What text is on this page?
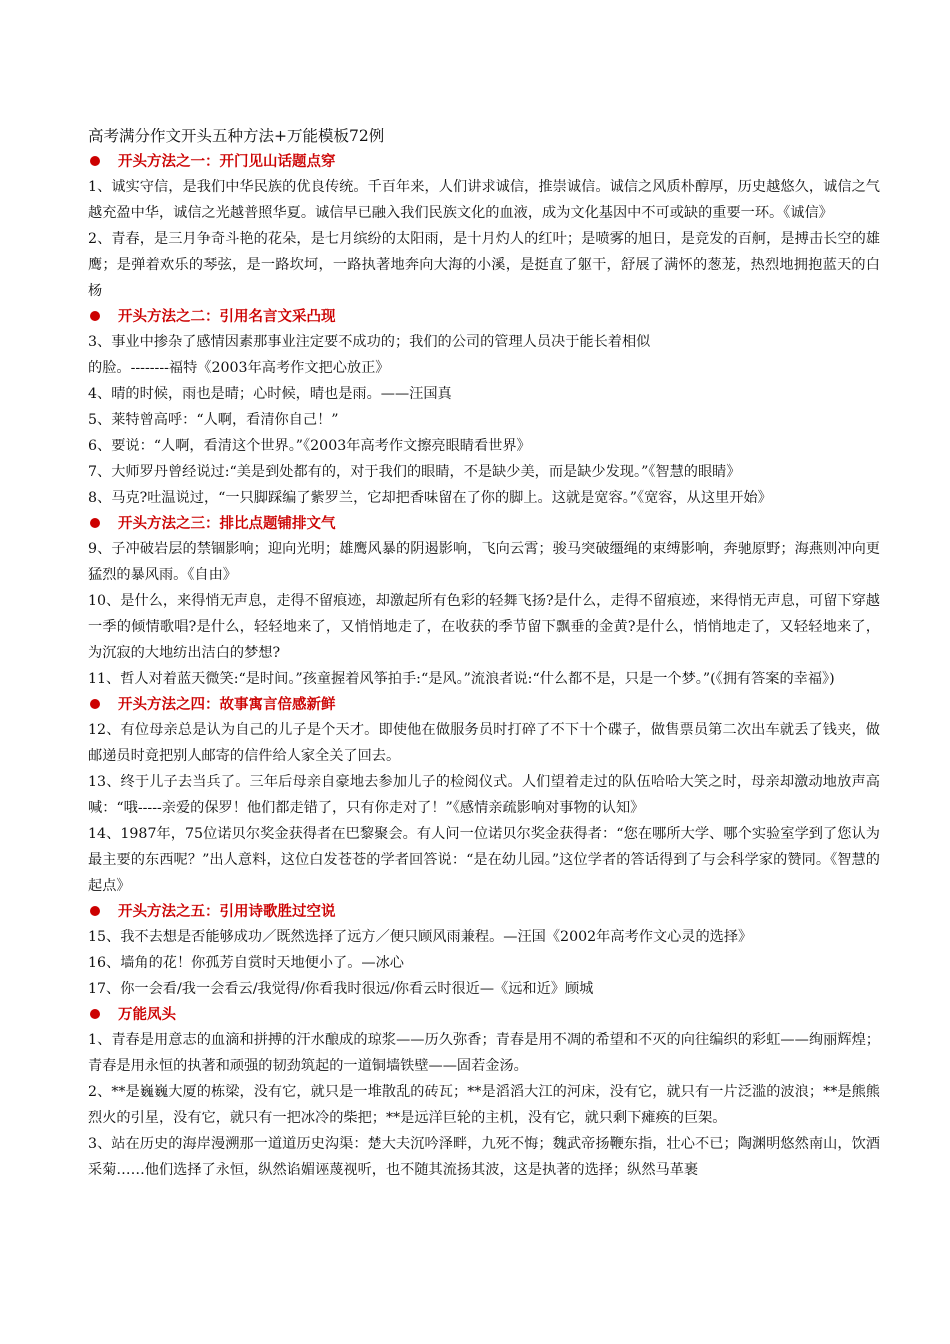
高考满分作文开头五种方法+万能模板72例
开头方法之一：开门见山话题点穿

1、诚实守信，是我们中华民族的优良传统。千百年来，人们讲求诚信，推崇诚信。诚信之风质朴醇厚，历史越悠久，诚信之气越充盈中华，诚信之光越普照华夏。诚信早已融入我们民族文化的血液，成为文化基因中不可或缺的重要一环。《诚信》

2、青春，是三月争奇斗艳的花朵，是七月缤纷的太阳雨，是十月灼人的红叶；是喷雾的旭日，是竞发的百舸，是搏击长空的雄鹰；是弹着欢乐的琴弦，是一路坎坷，一路执著地奔向大海的小溪，是挺直了躯干，舒展了满怀的葱茏，热烈地拥抱蓝天的白杨

开头方法之二：引用名言文采凸现

3、事业中掺杂了感情因素那事业注定要不成功的；我们的公司的管理人员决于能长着相似

的脸。--------福特《2003年高考作文把心放正》

4、晴的时候，雨也是晴；心时候，晴也是雨。——汪国真

5、莱特曾高呼：“人啊，看清你自己！”

6、要说：“人啊，看清这个世界。”《2003年高考作文擦亮眼睛看世界》

7、大师罗丹曾经说过:“美是到处都有的，对于我们的眼睛，不是缺少美，而是缺少发现。”《智慧的眼睛》

8、马克?吐温说过，“一只脚踩编了紫罗兰，它却把香味留在了你的脚上。这就是宽容。”《宽容，从这里开始》

开头方法之三：排比点题铺排文气

9、子冲破岩层的禁锢影响；迎向光明；雄鹰风暴的阴遏影响，飞向云霄；骏马突破缰绳的束缚影响，奔驰原野；海燕则冲向更猛烈的暴风雨。《自由》

10、是什么，来得悄无声息，走得不留痕迹，却激起所有色彩的轻舞飞扬?是什么，走得不留痕迹，来得悄无声息，可留下穿越一季的倾情歌唱?是什么，轻轻地来了，又悄悄地走了，在收获的季节留下飘垂的金黄?是什么，悄悄地走了，又轻轻地来了，为沉寂的大地纺出洁白的梦想?

11、哲人对着蓝天微笑:“是时间。”孩童握着风筝拍手:“是风。”流浪者说:“什么都不是，只是一个梦。”(《拥有答案的幸福》)

开头方法之四：故事寓言倍感新鲜

12、有位母亲总是认为自己的儿子是个天才。即使他在做服务员时打碎了不下十个碟子，做售票员第二次出车就丢了钱夹，做邮递员时竟把别人邮寄的信件给人家全关了回去。

13、终于儿子去当兵了。三年后母亲自豪地去参加儿子的检阅仪式。人们望着走过的队伍哈哈大笑之时，母亲却激动地放声高喊：“哦-----亲爱的保罗！他们都走错了，只有你走对了！”《感情亲疏影响对事物的认知》

14、1987年，75位诺贝尔奖金获得者在巴黎聚会。有人问一位诺贝尔奖金获得者：“您在哪所大学、哪个实验室学到了您认为最主要的东西呢？”出人意料，这位白发苍苍的学者回答说：“是在幼儿园。”这位学者的答话得到了与会科学家的赞同。《智慧的起点》

开头方法之五：引用诗歌胜过空说

15、我不去想是否能够成功／既然选择了远方／便只顾风雨兼程。—汪国《2002年高考作文心灵的选择》

16、墙角的花！你孤芳自赏时天地便小了。—冰心

17、你一会看/我一会看云/我觉得/你看我时很远/你看云时很近—《远和近》顾城

万能凤头

1、青春是用意志的血滴和拼搏的汗水酿成的琼浆——历久弥香；青春是用不凋的希望和不灭的向往编织的彩虹——绚丽辉煌；青春是用永恒的执著和顽强的韧劲筑起的一道铜墙铁壁——固若金汤。

2、**是巍巍大厦的栋梁，没有它，就只是一堆散乱的砖瓦；**是滔滔大江的河床，没有它，就只有一片泛滥的波浪；**是熊熊烈火的引星，没有它，就只有一把冰冷的柴把；**是远洋巨轮的主机，没有它，就只剩下瘫痪的巨架。

3、站在历史的海岸漫溯那一道道历史沟渠：楚大夫沉吟泽畔，九死不悔；魏武帝扬鞭东指，壮心不已；陶渊明悠然南山，饮酒采菊……他们选择了永恒，纵然谄媚诬蔑视听，也不随其流扬其波，这是执著的选择；纵然马革裹
